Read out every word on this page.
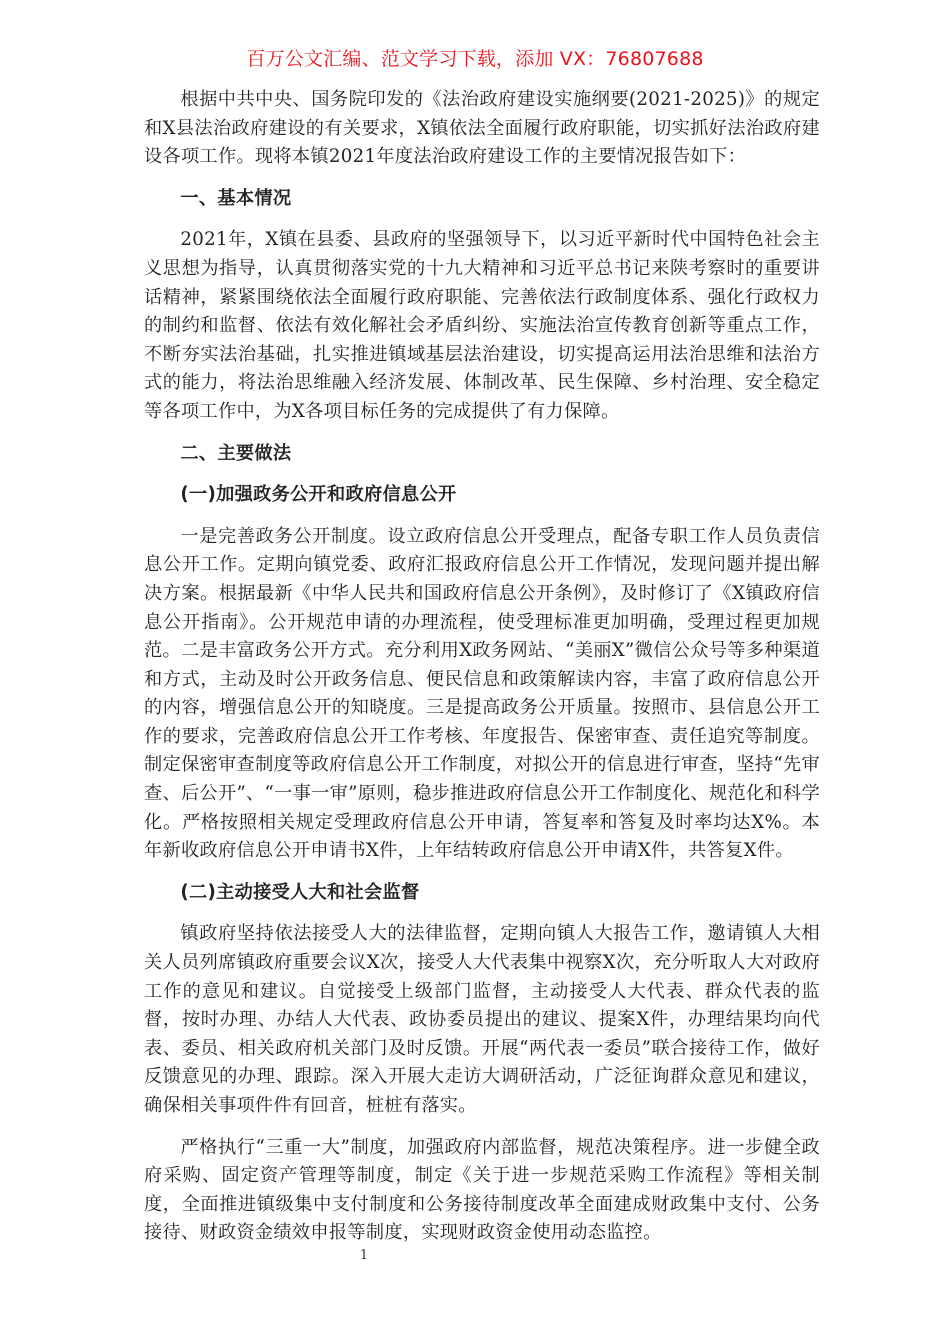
百万公文汇编、范文学习下载，添加 VX：76807688

根据中共中央、国务院印发的《法治政府建设实施纲要(2021-2025)》的规定和X县法治政府建设的有关要求，X镇依法全面履行政府职能，切实抓好法治政府建设各项工作。现将本镇2021年度法治政府建设工作的主要情况报告如下：

一、基本情况

2021年，X镇在县委、县政府的坚强领导下，以习近平新时代中国特色社会主义思想为指导，认真贯彻落实党的十九大精神和习近平总书记来陕考察时的重要讲话精神，紧紧围绕依法全面履行政府职能、完善依法行政制度体系、强化行政权力的制约和监督、依法有效化解社会矛盾纠纷、实施法治宣传教育创新等重点工作，不断夯实法治基础，扎实推进镇域基层法治建设，切实提高运用法治思维和法治方式的能力，将法治思维融入经济发展、体制改革、民生保障、乡村治理、安全稳定等各项工作中，为X各项目标任务的完成提供了有力保障。

二、主要做法

(一)加强政务公开和政府信息公开

一是完善政务公开制度。设立政府信息公开受理点，配备专职工作人员负责信息公开工作。定期向镇党委、政府汇报政府信息公开工作情况，发现问题并提出解决方案。根据最新《中华人民共和国政府信息公开条例》，及时修订了《X镇政府信息公开指南》。公开规范申请的办理流程，使受理标准更加明确，受理过程更加规范。二是丰富政务公开方式。充分利用X政务网站、“美丽X”微信公众号等多种渠道和方式，主动及时公开政务信息、便民信息和政策解读内容，丰富了政府信息公开的内容，增强信息公开的知晓度。三是提高政务公开质量。按照市、县信息公开工作的要求，完善政府信息公开工作考核、年度报告、保密审查、责任追究等制度。制定保密审查制度等政府信息公开工作制度，对拟公开的信息进行审查，坚持“先审查、后公开”、“一事一审”原则，稳步推进政府信息公开工作制度化、规范化和科学化。严格按照相关规定受理政府信息公开申请，答复率和答复及时率均达X%。本年新收政府信息公开申请书X件，上年结转政府信息公开申请X件，共答复X件。

(二)主动接受人大和社会监督

镇政府坚持依法接受人大的法律监督，定期向镇人大报告工作，邀请镇人大相关人员列席镇政府重要会议X次，接受人大代表集中视察X次，充分听取人大对政府工作的意见和建议。自觉接受上级部门监督，主动接受人大代表、群众代表的监督，按时办理、办结人大代表、政协委员提出的建议、提案X件，办理结果均向代表、委员、相关政府机关部门及时反馈。开展“两代表一委员”联合接待工作，做好反馈意见的办理、跟踪。深入开展大走访大调研活动，广泛征询群众意见和建议，确保相关事项件件有回音，桩桩有落实。

严格执行“三重一大”制度，加强政府内部监督，规范决策程序。进一步健全政府采购、固定资产管理等制度，制定《关于进一步规范采购工作流程》等相关制度，全面推进镇级集中支付制度和公务接待制度改革全面建成财政集中支付、公务接待、财政资金绩效申报等制度，实现财政资金使用动态监控。

1
